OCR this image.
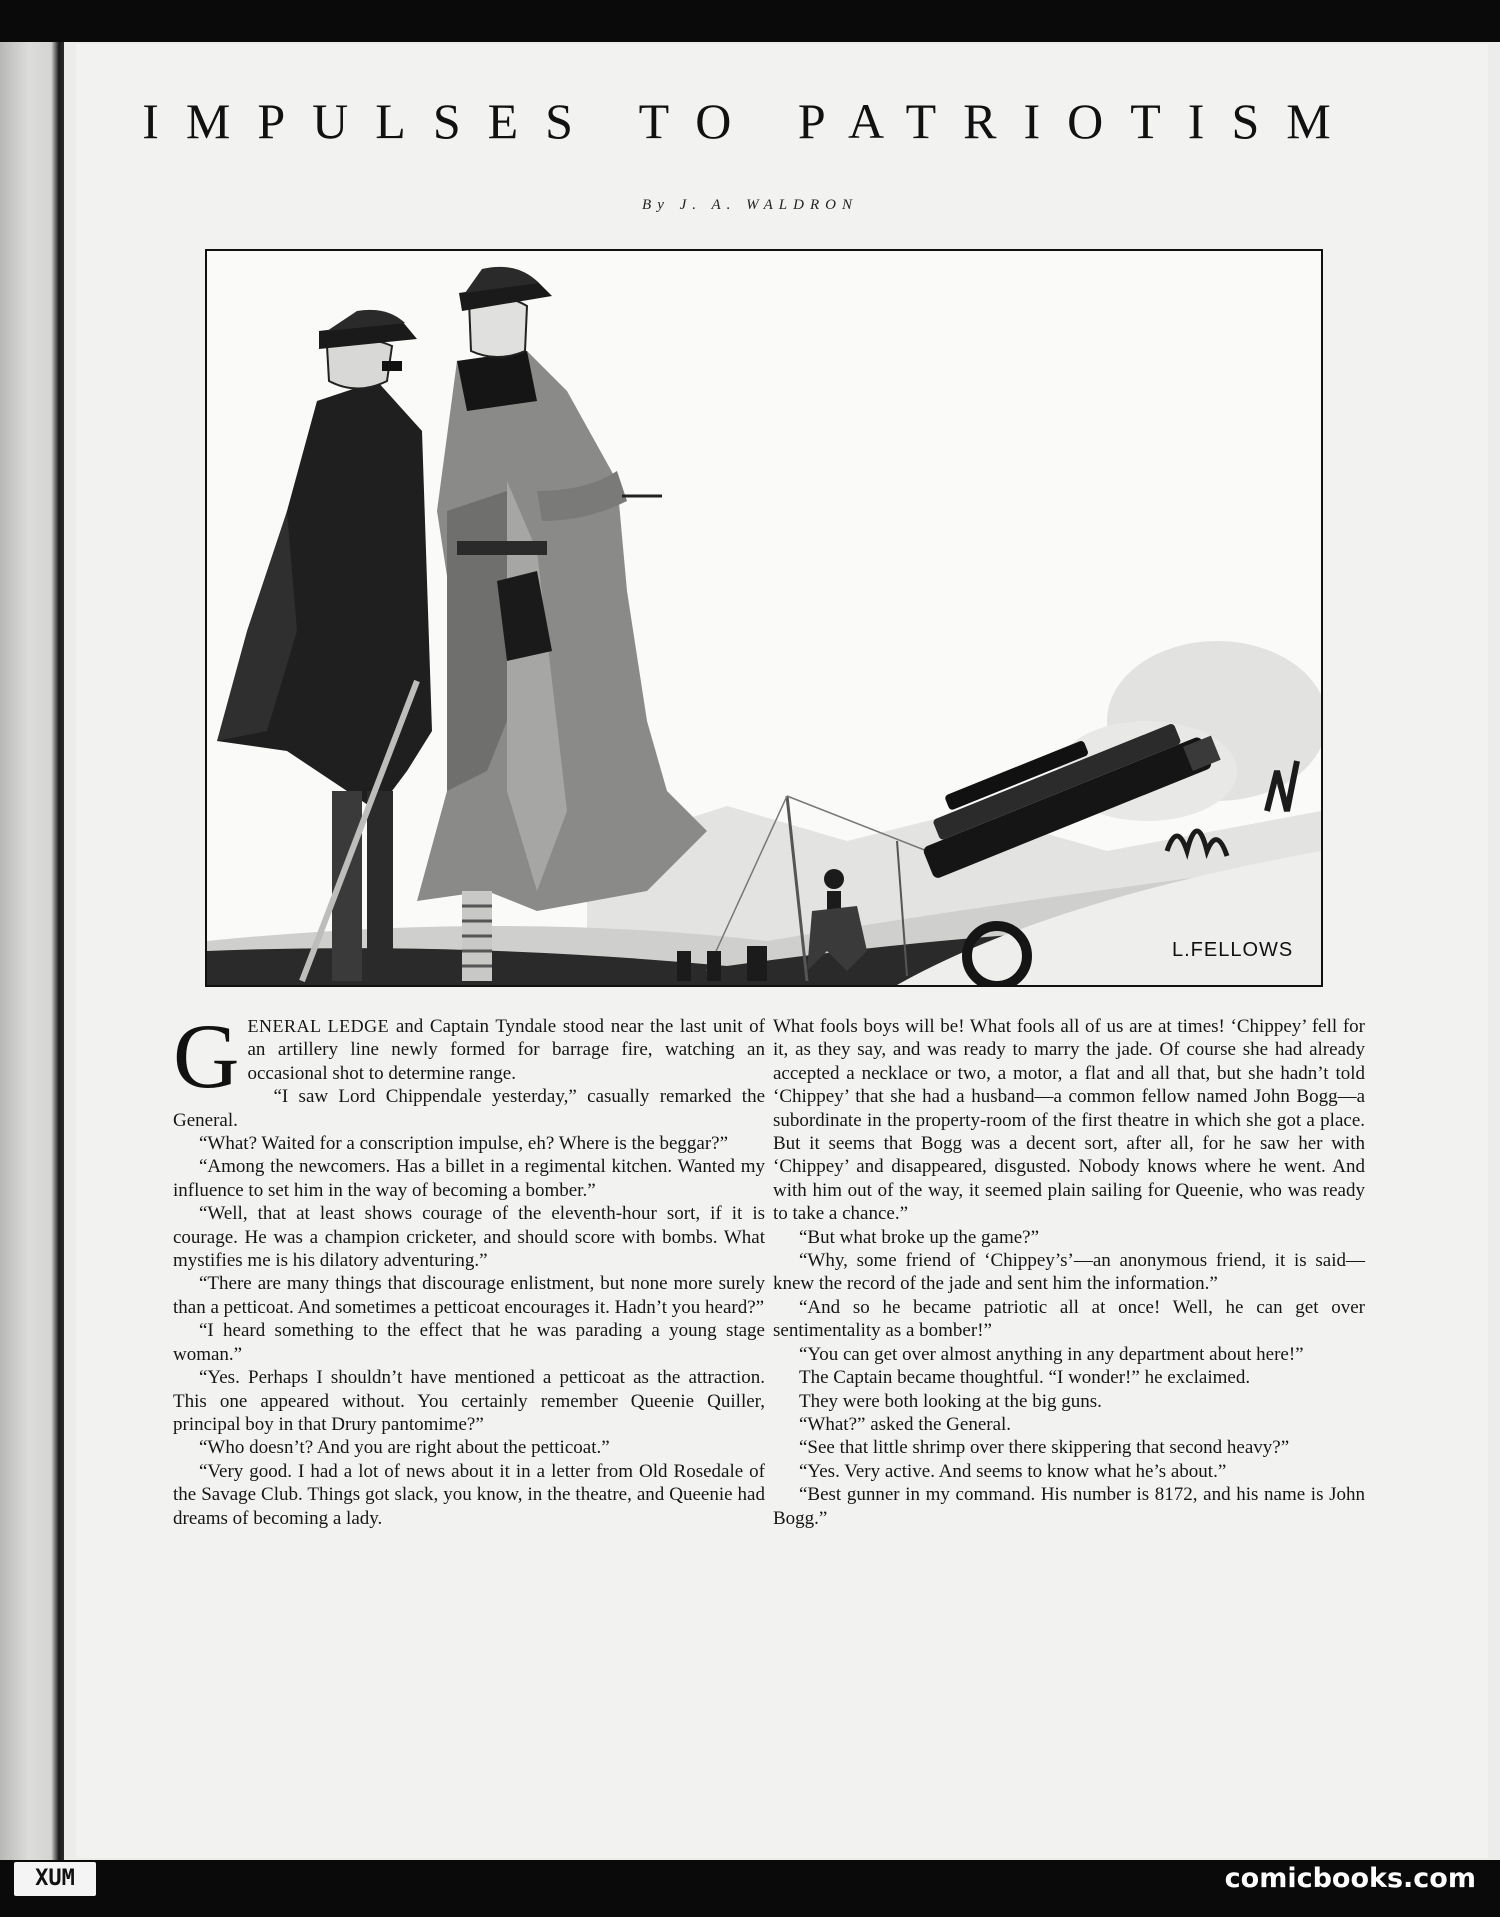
IMPULSES TO PATRIOTISM
By J. A. WALDRON
L.FELLOWS

GENERAL LEDGE and Captain Tyndale stood near the last unit of an artillery line newly formed for barrage fire, watching an occasional shot to determine range.

“I saw Lord Chippendale yesterday,” casually remarked the General.

“What? Waited for a conscription impulse, eh? Where is the beggar?”

“Among the newcomers. Has a billet in a regimental kitchen. Wanted my influence to set him in the way of becoming a bomber.”

“Well, that at least shows courage of the eleventh-hour sort, if it is courage. He was a champion cricketer, and should score with bombs. What mystifies me is his dilatory adventuring.”

“There are many things that discourage enlistment, but none more surely than a petticoat. And sometimes a petticoat encourages it. Hadn’t you heard?”

“I heard something to the effect that he was parading a young stage woman.”

“Yes. Perhaps I shouldn’t have mentioned a petticoat as the attraction. This one appeared without. You certainly remember Queenie Quiller, principal boy in that Drury pantomime?”

“Who doesn’t? And you are right about the petticoat.”

“Very good. I had a lot of news about it in a letter from Old Rosedale of the Savage Club. Things got slack, you know, in the theatre, and Queenie had dreams of becoming a lady.

What fools boys will be! What fools all of us are at times! ‘Chippey’ fell for it, as they say, and was ready to marry the jade. Of course she had already accepted a necklace or two, a motor, a flat and all that, but she hadn’t told ‘Chippey’ that she had a husband—a common fellow named John Bogg—a subordinate in the property-room of the first theatre in which she got a place. But it seems that Bogg was a decent sort, after all, for he saw her with ‘Chippey’ and disappeared, disgusted. Nobody knows where he went. And with him out of the way, it seemed plain sailing for Queenie, who was ready to take a chance.”

“But what broke up the game?”

“Why, some friend of ‘Chippey’s’—an anonymous friend, it is said—knew the record of the jade and sent him the information.”

“And so he became patriotic all at once! Well, he can get over sentimentality as a bomber!”

“You can get over almost anything in any department about here!”

The Captain became thoughtful. “I wonder!” he exclaimed.

They were both looking at the big guns.

“What?” asked the General.

“See that little shrimp over there skippering that second heavy?”

“Yes. Very active. And seems to know what he’s about.”

“Best gunner in my command. His number is 8172, and his name is John Bogg.”

XUM	comicbooks.com
